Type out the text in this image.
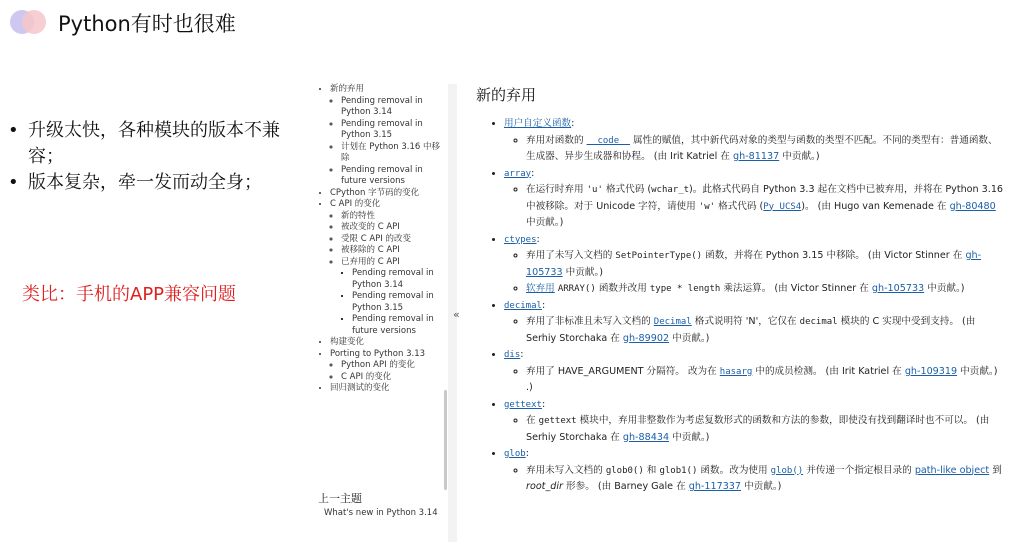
Python有时也很难
• 升级太快，各种模块的版本不兼容；
• 版本复杂，牵一发而动全身；
类比：手机的APP兼容问题
• 新的弃用
◦ Pending removal in Python 3.14
◦ Pending removal in Python 3.15
◦ 计划在 Python 3.16 中移除
◦ Pending removal in future versions
• CPython 字节码的变化
• C API 的变化
◦ 新的特性
◦ 被改变的 C API
◦ 受限 C API 的改变
◦ 被移除的 C API
◦ 已弃用的 C API
▪ Pending removal in Python 3.14
▪ Pending removal in Python 3.15
▪ Pending removal in future versions
• 构建变化
• Porting to Python 3.13
◦ Python API 的变化
◦ C API 的变化
• 回归测试的变化
上一主题
What's new in Python 3.14
«
新的弃用
• 用户自定义函数:
◦ 弃用对函数的 __code__ 属性的赋值，其中新代码对象的类型与函数的类型不匹配。不同的类型有：普通函数、生成器、异步生成器和协程。 (由 Irit Katriel 在 gh-81137 中贡献。)
• array:
◦ 在运行时弃用 'u' 格式代码 (wchar_t)。此格式代码自 Python 3.3 起在文档中已被弃用，并将在 Python 3.16 中被移除。对于 Unicode 字符，请使用 'w' 格式代码 (Py_UCS4)。 (由 Hugo van Kemenade 在 gh-80480 中贡献。)
• ctypes:
◦ 弃用了未写入文档的 SetPointerType() 函数，并将在 Python 3.15 中移除。 (由 Victor Stinner 在 gh-105733 中贡献。)
◦ 软弃用 ARRAY() 函数并改用 type * length 乘法运算。 (由 Victor Stinner 在 gh-105733 中贡献。)
• decimal:
◦ 弃用了非标准且未写入文档的 Decimal 格式说明符 'N'，它仅在 decimal 模块的 C 实现中受到支持。 (由 Serhiy Storchaka 在 gh-89902 中贡献。)
• dis:
◦ 弃用了 HAVE_ARGUMENT 分隔符。 改为在 hasarg 中的成员检测。 (由 Irit Katriel 在 gh-109319 中贡献。) .)
• gettext:
◦ 在 gettext 模块中，弃用非整数作为考虑复数形式的函数和方法的参数，即使没有找到翻译时也不可以。 (由 Serhiy Storchaka 在 gh-88434 中贡献。)
• glob:
◦ 弃用未写入文档的 glob0() 和 glob1() 函数。改为使用 glob() 并传递一个指定根目录的 path-like object 到 root_dir 形参。 (由 Barney Gale 在 gh-117337 中贡献。)
